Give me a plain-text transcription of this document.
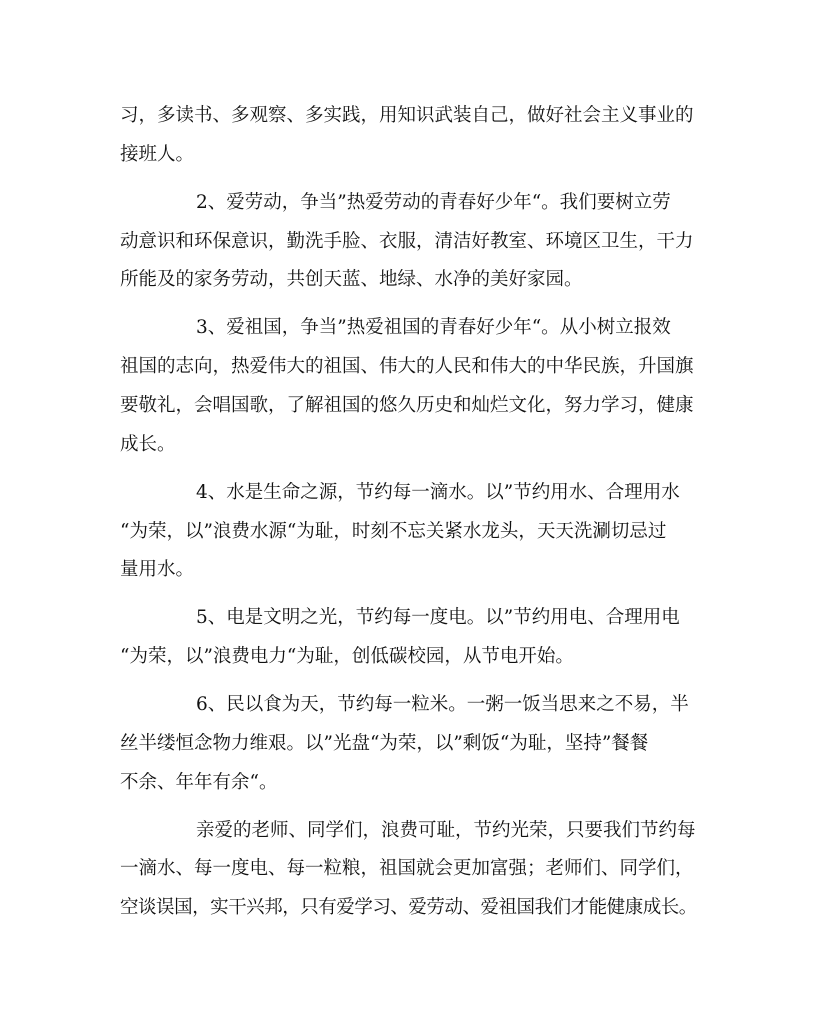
习，多读书、多观察、多实践，用知识武装自己，做好社会主义事业的
接班人。
2、爱劳动，争当”热爱劳动的青春好少年“。我们要树立劳
动意识和环保意识，勤洗手脸、衣服，清洁好教室、环境区卫生，干力
所能及的家务劳动，共创天蓝、地绿、水净的美好家园。
3、爱祖国，争当”热爱祖国的青春好少年“。从小树立报效
祖国的志向，热爱伟大的祖国、伟大的人民和伟大的中华民族，升国旗
要敬礼，会唱国歌，了解祖国的悠久历史和灿烂文化，努力学习，健康
成长。
4、水是生命之源，节约每一滴水。以”节约用水、合理用水
“为荣，以”浪费水源“为耻，时刻不忘关紧水龙头，天天洗涮切忌过
量用水。
5、电是文明之光，节约每一度电。以”节约用电、合理用电
“为荣，以”浪费电力“为耻，创低碳校园，从节电开始。
6、民以食为天，节约每一粒米。一粥一饭当思来之不易，半
丝半缕恒念物力维艰。以”光盘“为荣，以”剩饭“为耻，坚持”餐餐
不余、年年有余“。
亲爱的老师、同学们，浪费可耻，节约光荣，只要我们节约每
一滴水、每一度电、每一粒粮，祖国就会更加富强；老师们、同学们，
空谈误国，实干兴邦，只有爱学习、爱劳动、爱祖国我们才能健康成长。
